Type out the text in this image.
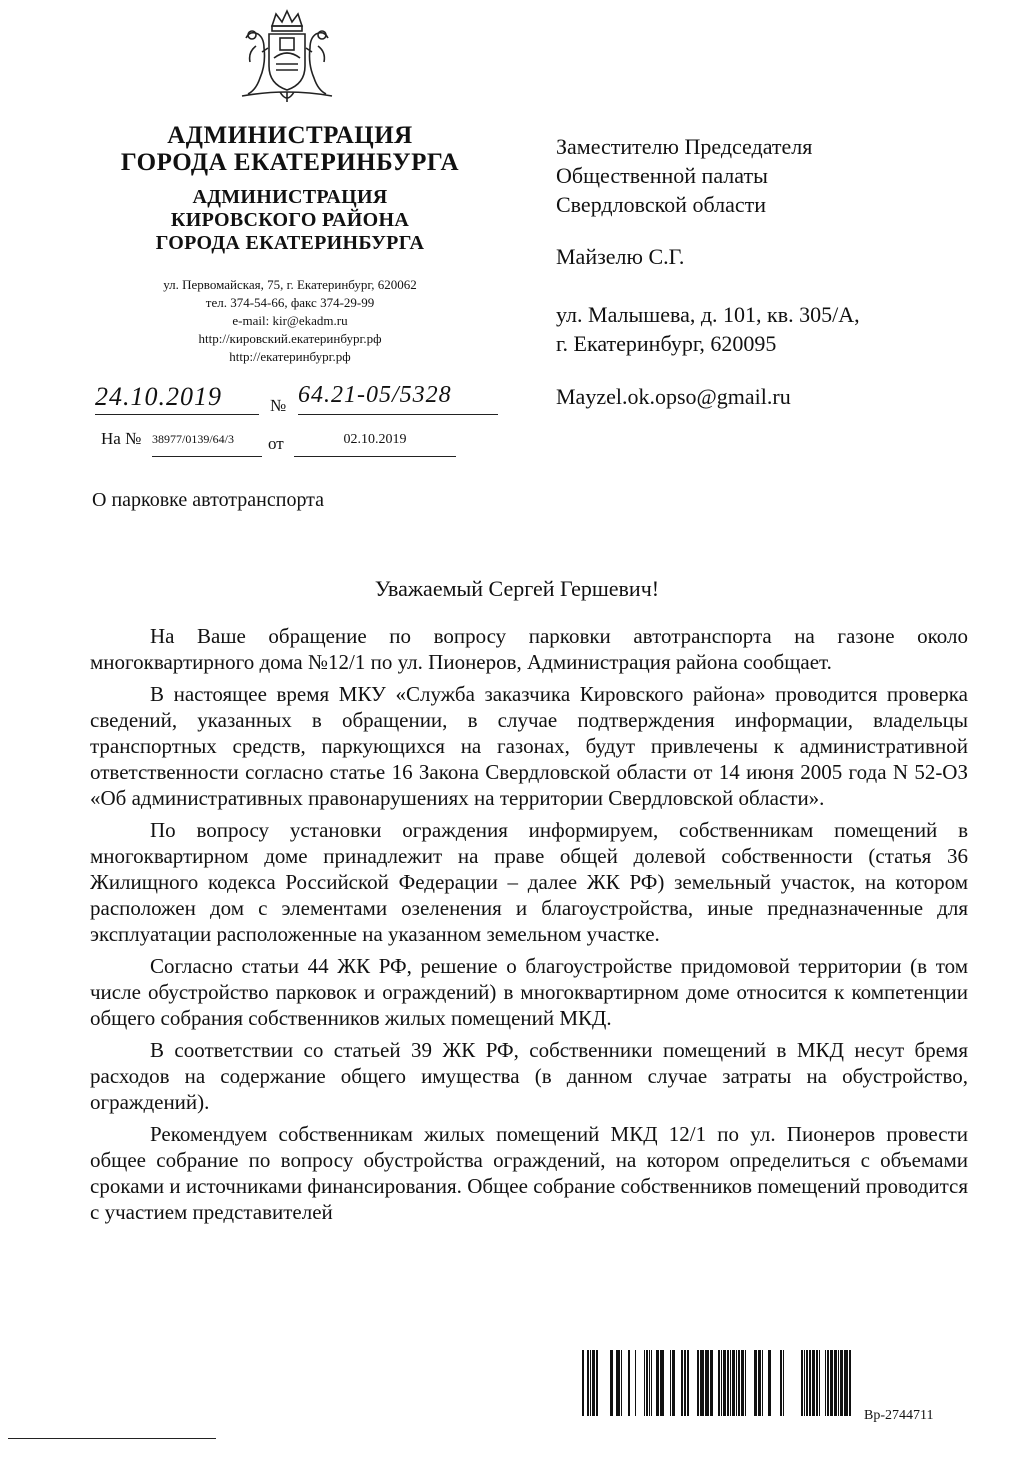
АДМИНИСТРАЦИЯ
ГОРОДА ЕКАТЕРИНБУРГА
АДМИНИСТРАЦИЯ
КИРОВСКОГО РАЙОНА
ГОРОДА ЕКАТЕРИНБУРГА
ул. Первомайская, 75, г. Екатеринбург, 620062
тел. 374-54-66, факс 374-29-99
e-mail: kir@ekadm.ru
http://кировский.екатеринбург.рф
http://екатеринбург.рф
24.10.2019	№ 64.21-05/5328
На № 38977/0139/64/3	от	02.10.2019
О парковке автотранспорта
Заместителю Председателя
Общественной палаты
Свердловской области
Майзелю С.Г.
ул. Малышева, д. 101, кв. 305/А,
г. Екатеринбург, 620095
Mayzel.ok.opso@gmail.ru
Уважаемый Сергей Гершевич!

На Ваше обращение по вопросу парковки автотранспорта на газоне около многоквартирного дома №12/1 по ул. Пионеров, Администрация района сообщает.

В настоящее время МКУ «Служба заказчика Кировского района» проводится проверка сведений, указанных в обращении, в случае подтверждения информации, владельцы транспортных средств, паркующихся на газонах, будут привлечены к административной ответственности согласно статье 16 Закона Свердловской области от 14 июня 2005 года N 52-ОЗ «Об административных правонарушениях на территории Свердловской области».

По вопросу установки ограждения информируем, собственникам помещений в многоквартирном доме принадлежит на праве общей долевой собственности (статья 36 Жилищного кодекса Российской Федерации – далее ЖК РФ) земельный участок, на котором расположен дом с элементами озеленения и благоустройства, иные предназначенные для эксплуатации расположенные на указанном земельном участке.

Согласно статьи 44 ЖК РФ, решение о благоустройстве придомовой территории (в том числе обустройство парковок и ограждений) в многоквартирном доме относится к компетенции общего собрания собственников жилых помещений МКД.

В соответствии со статьей 39 ЖК РФ, собственники помещений в МКД несут бремя расходов на содержание общего имущества (в данном случае затраты на обустройство, ограждений).

Рекомендуем собственникам жилых помещений МКД 12/1 по ул. Пионеров провести общее собрание по вопросу обустройства ограждений, на котором определиться с объемами сроками и источниками финансирования. Общее собрание собственников помещений проводится с участием представителей

Вр-2744711
